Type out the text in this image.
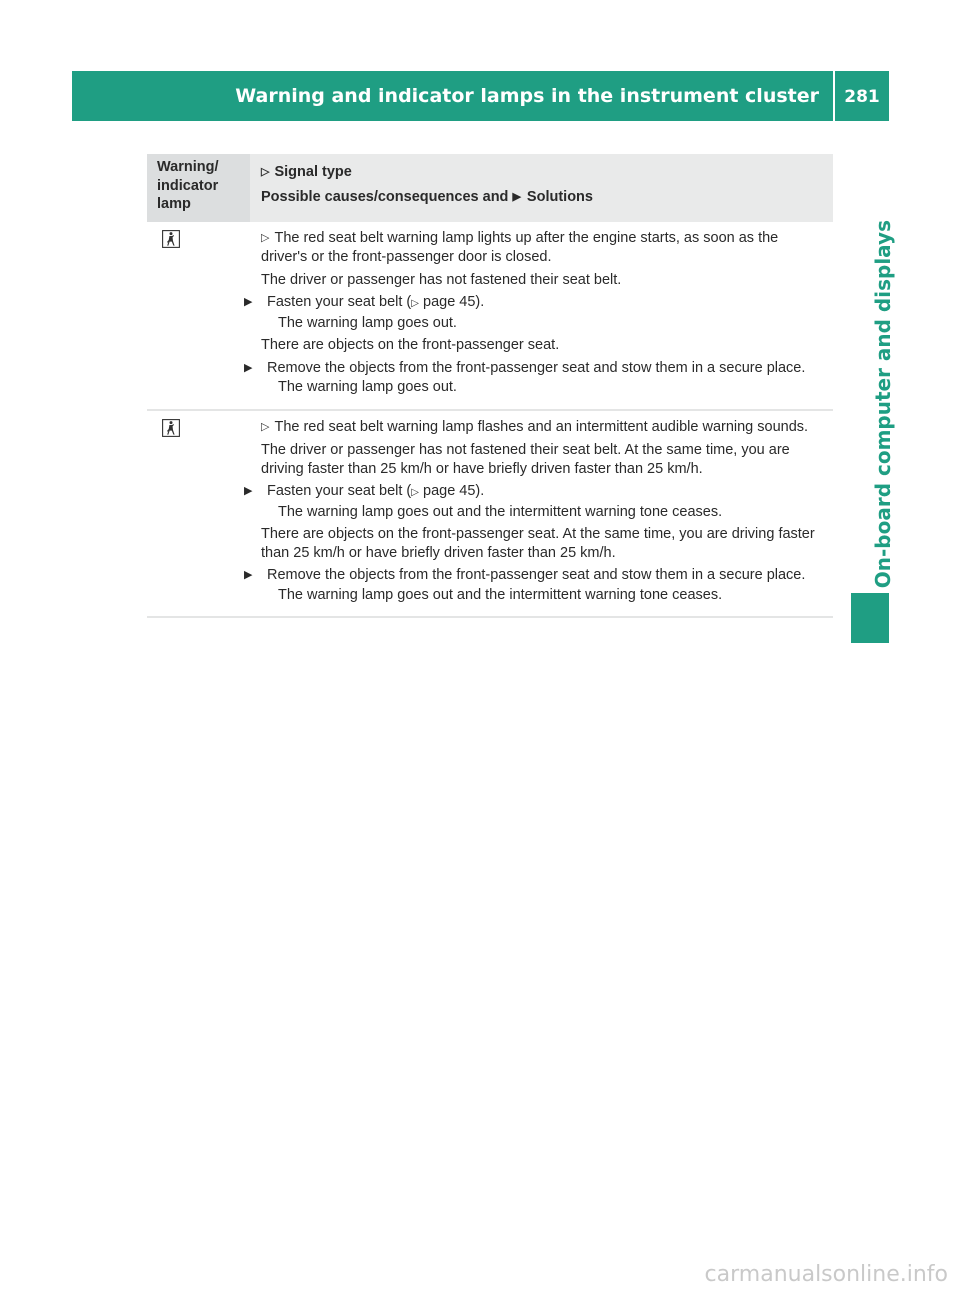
Warning and indicator lamps in the instrument cluster	281
On-board computer and displays
Warning/ indicator lamp

▷ Signal type

Possible causes/consequences and ▶ Solutions

▷ The red seat belt warning lamp lights up after the engine starts, as soon as the driver's or the front-passenger door is closed.

The driver or passenger has not fastened their seat belt.

▶ Fasten your seat belt (▷ page 45).
The warning lamp goes out.

There are objects on the front-passenger seat.

▶ Remove the objects from the front-passenger seat and stow them in a secure place.
The warning lamp goes out.

▷ The red seat belt warning lamp flashes and an intermittent audible warning sounds.

The driver or passenger has not fastened their seat belt. At the same time, you are driving faster than 25 km/h or have briefly driven faster than 25 km/h.

▶ Fasten your seat belt (▷ page 45).
The warning lamp goes out and the intermittent warning tone ceases.

There are objects on the front-passenger seat. At the same time, you are driving faster than 25 km/h or have briefly driven faster than 25 km/h.

▶ Remove the objects from the front-passenger seat and stow them in a secure place.
The warning lamp goes out and the intermittent warning tone ceases.

carmanualsonline.info
